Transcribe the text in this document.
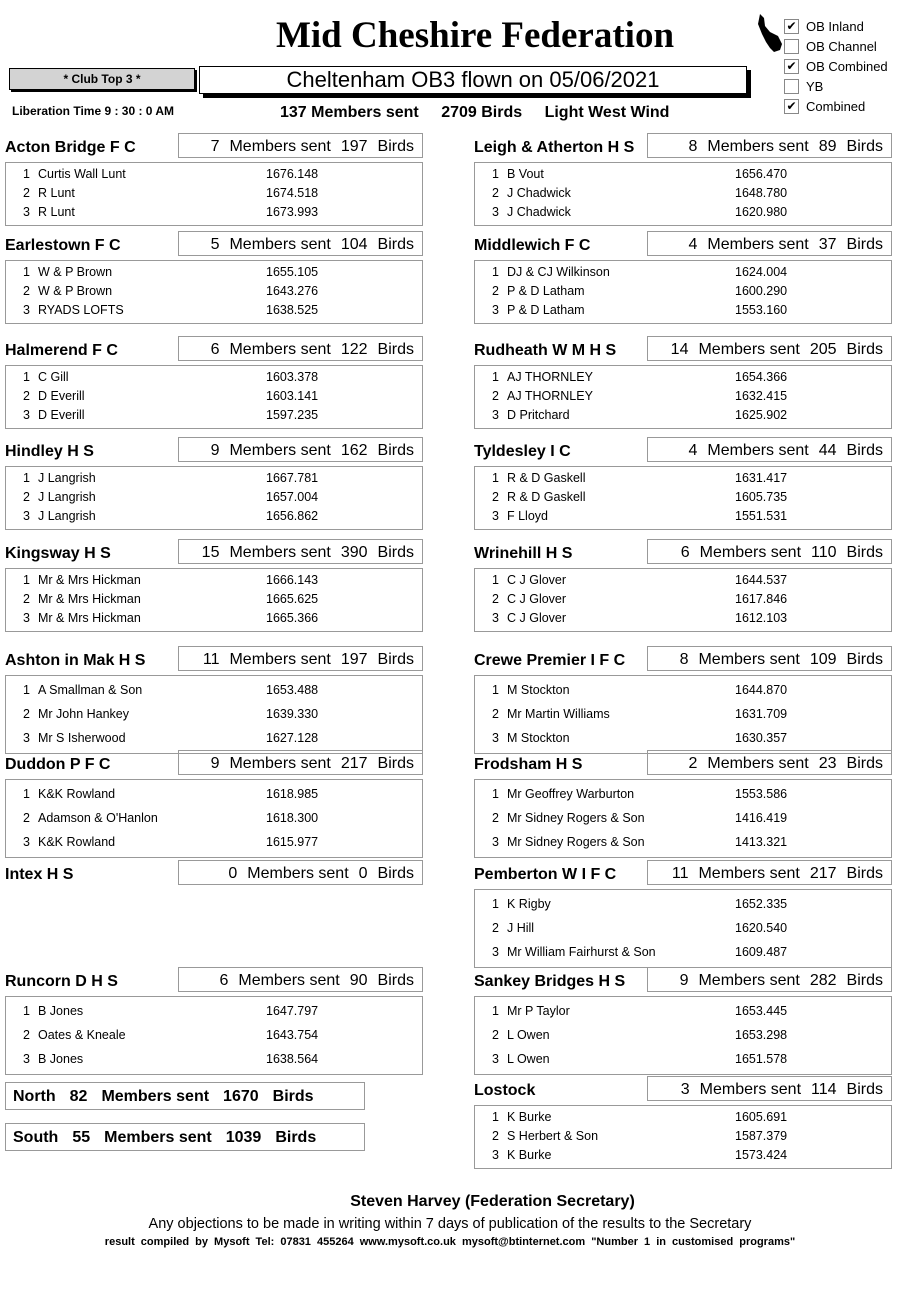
Mid Cheshire Federation	✔ OB Inland
OB Channel
✔ OB Combined
YB
✔ Combined
* Club Top 3 *	Cheltenham OB3 flown on 05/06/2021
Liberation Time 9 : 30 : 0 AM	137 Members sent 2709 Birds Light West Wind
Acton Bridge F C	7 Members sent 197 Birds
1 Curtis Wall Lunt	1676.148
2 R Lunt	1674.518
3 R Lunt	1673.993
Earlestown F C	5 Members sent 104 Birds
1 W & P Brown	1655.105
2 W & P Brown	1643.276
3 RYADS LOFTS	1638.525
Halmerend F C	6 Members sent 122 Birds
1 C Gill	1603.378
2 D Everill	1603.141
3 D Everill	1597.235
Hindley H S	9 Members sent 162 Birds
1 J Langrish	1667.781
2 J Langrish	1657.004
3 J Langrish	1656.862
Kingsway H S	15 Members sent 390 Birds
1 Mr & Mrs Hickman	1666.143
2 Mr & Mrs Hickman	1665.625
3 Mr & Mrs Hickman	1665.366
Ashton in Mak H S	11 Members sent 197 Birds
1 A Smallman & Son	1653.488
2 Mr John Hankey	1639.330
3 Mr S Isherwood	1627.128
Duddon P F C	9 Members sent 217 Birds
1 K&K Rowland	1618.985
2 Adamson & O'Hanlon	1618.300
3 K&K Rowland	1615.977
Intex H S	0 Members sent 0 Birds
Runcorn D H S	6 Members sent 90 Birds
1 B Jones	1647.797
2 Oates & Kneale	1643.754
3 B Jones	1638.564
Leigh & Atherton H S	8 Members sent 89 Birds
1 B Vout	1656.470
2 J Chadwick	1648.780
3 J Chadwick	1620.980
Middlewich F C	4 Members sent 37 Birds
1 DJ & CJ Wilkinson	1624.004
2 P & D Latham	1600.290
3 P & D Latham	1553.160
Rudheath W M H S	14 Members sent 205 Birds
1 AJ THORNLEY	1654.366
2 AJ THORNLEY	1632.415
3 D Pritchard	1625.902
Tyldesley I C	4 Members sent 44 Birds
1 R & D Gaskell	1631.417
2 R & D Gaskell	1605.735
3 F Lloyd	1551.531
Wrinehill H S	6 Members sent 110 Birds
1 C J Glover	1644.537
2 C J Glover	1617.846
3 C J Glover	1612.103
Crewe Premier I F C	8 Members sent 109 Birds
1 M Stockton	1644.870
2 Mr Martin Williams	1631.709
3 M Stockton	1630.357
Frodsham H S	2 Members sent 23 Birds
1 Mr Geoffrey Warburton	1553.586
2 Mr Sidney Rogers & Son	1416.419
3 Mr Sidney Rogers & Son	1413.321
Pemberton W I F C	11 Members sent 217 Birds
1 K Rigby	1652.335
2 J Hill	1620.540
3 Mr William Fairhurst & Son	1609.487
Sankey Bridges H S	9 Members sent 282 Birds
1 Mr P Taylor	1653.445
2 L Owen	1653.298
3 L Owen	1651.578
Lostock	3 Members sent 114 Birds
1 K Burke	1605.691
2 S Herbert & Son	1587.379
3 K Burke	1573.424
North 82 Members sent 1670 Birds
South 55 Members sent 1039 Birds
Steven Harvey (Federation Secretary)
Any objections to be made in writing within 7 days of publication of the results to the Secretary
result compiled by Mysoft Tel: 07831 455264 www.mysoft.co.uk mysoft@btinternet.com "Number 1 in customised programs"
